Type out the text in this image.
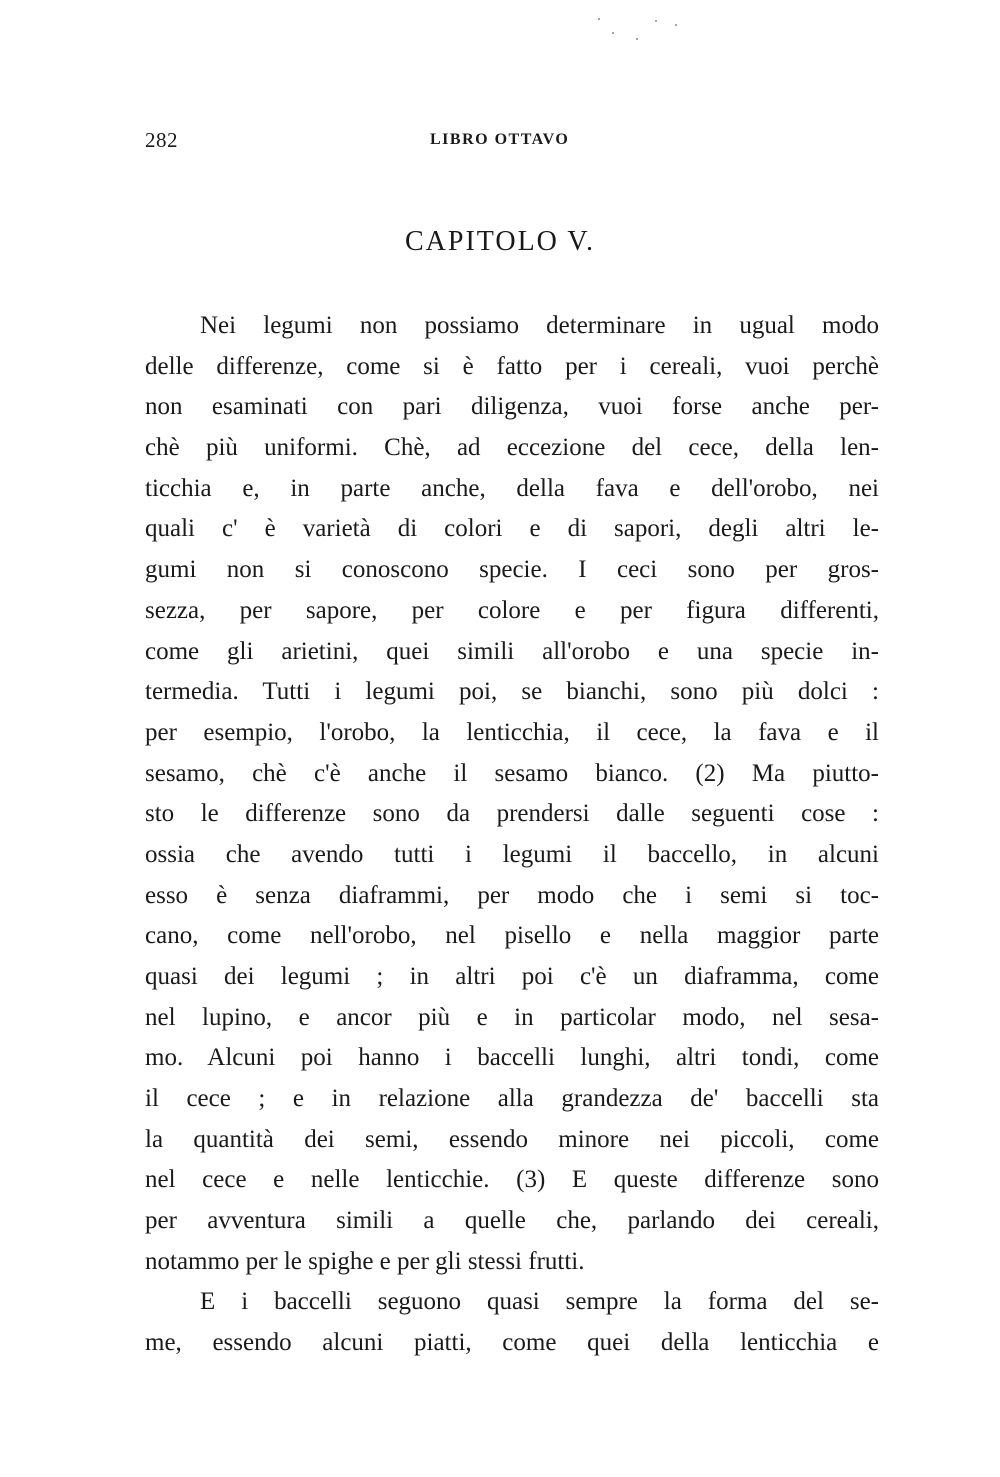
282	LIBRO OTTAVO
CAPITOLO V.
Nei legumi non possiamo determinare in ugual modo
delle differenze, come si è fatto per i cereali, vuoi perchè
non esaminati con pari diligenza, vuoi forse anche per-
chè più uniformi. Chè, ad eccezione del cece, della len-
ticchia e, in parte anche, della fava e dell'orobo, nei
quali c' è varietà di colori e di sapori, degli altri le-
gumi non si conoscono specie. I ceci sono per gros-
sezza, per sapore, per colore e per figura differenti,
come gli arietini, quei simili all'orobo e una specie in-
termedia. Tutti i legumi poi, se bianchi, sono più dolci :
per esempio, l'orobo, la lenticchia, il cece, la fava e il
sesamo, chè c'è anche il sesamo bianco. (2) Ma piutto-
sto le differenze sono da prendersi dalle seguenti cose :
ossia che avendo tutti i legumi il baccello, in alcuni
esso è senza diaframmi, per modo che i semi si toc-
cano, come nell'orobo, nel pisello e nella maggior parte
quasi dei legumi ; in altri poi c'è un diaframma, come
nel lupino, e ancor più e in particolar modo, nel sesa-
mo. Alcuni poi hanno i baccelli lunghi, altri tondi, come
il cece ; e in relazione alla grandezza de' baccelli sta
la quantità dei semi, essendo minore nei piccoli, come
nel cece e nelle lenticchie. (3) E queste differenze sono
per avventura simili a quelle che, parlando dei cereali,
notammo per le spighe e per gli stessi frutti.
E i baccelli seguono quasi sempre la forma del se-
me, essendo alcuni piatti, come quei della lenticchia e
